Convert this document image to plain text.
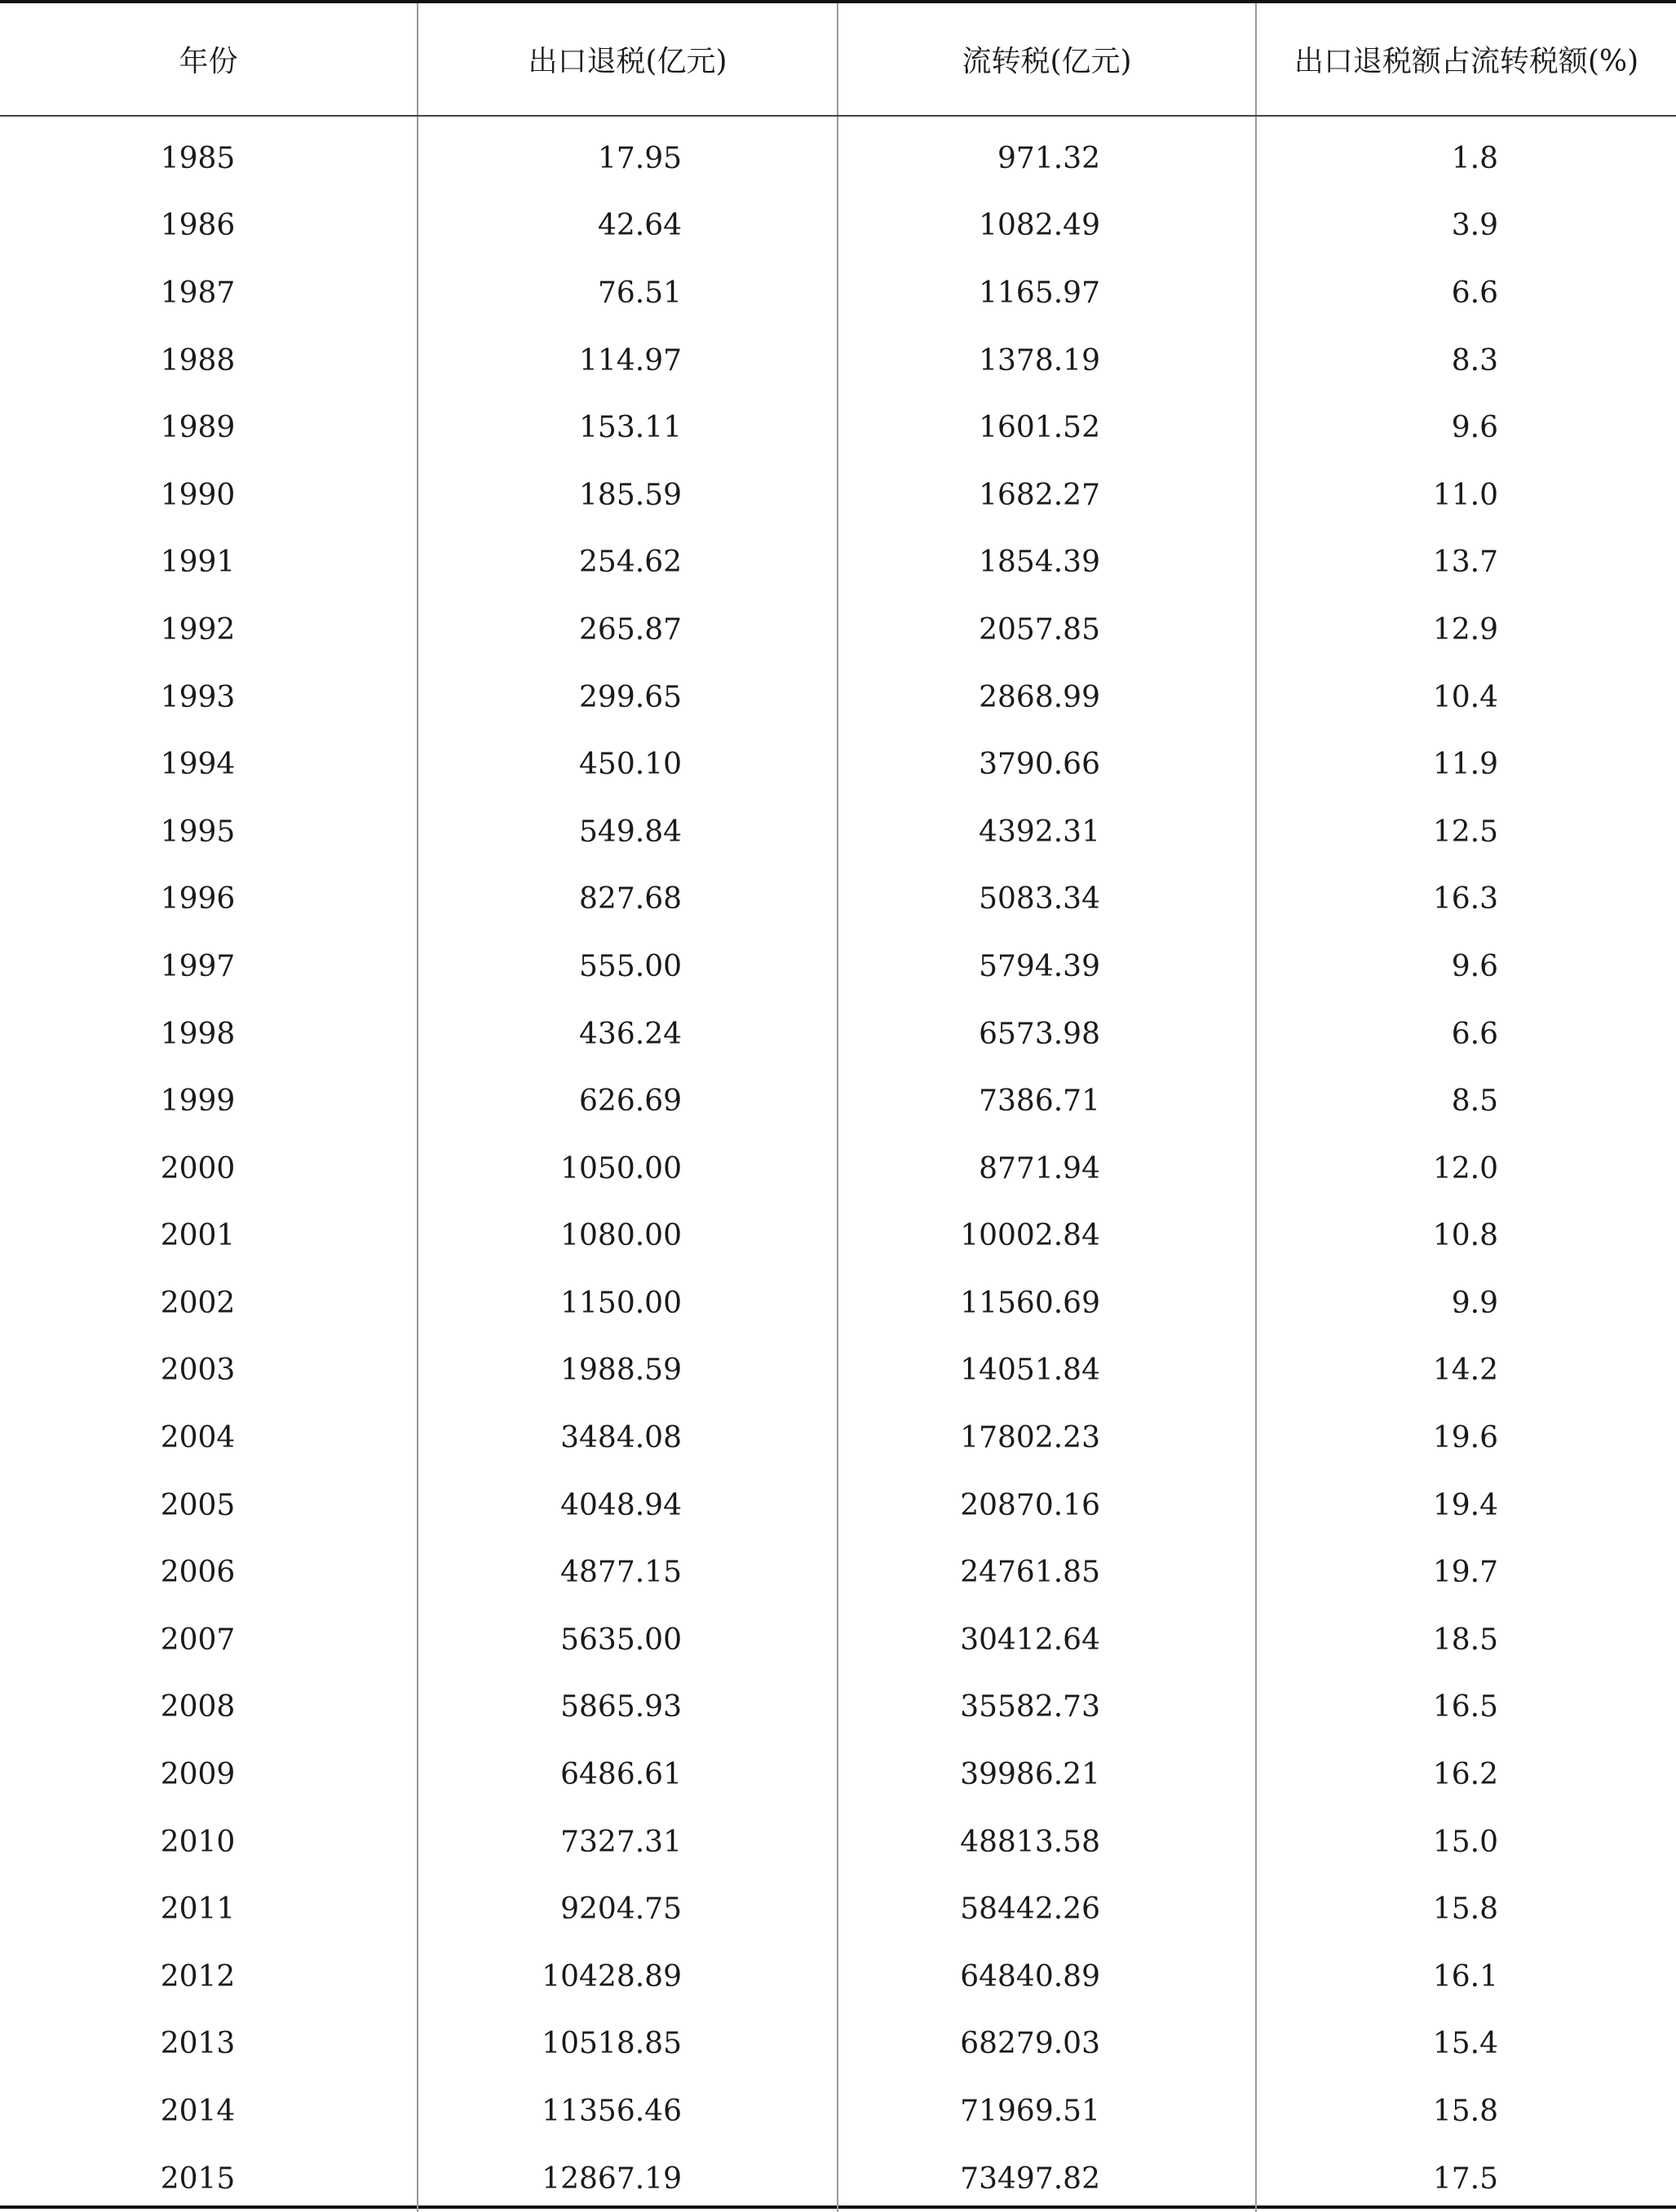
年份	出口退税(亿元)	流转税(亿元)	出口退税额占流转税额(%)
1985	17.95	971.32	1.8
1986	42.64	1082.49	3.9
1987	76.51	1165.97	6.6
1988	114.97	1378.19	8.3
1989	153.11	1601.52	9.6
1990	185.59	1682.27	11.0
1991	254.62	1854.39	13.7
1992	265.87	2057.85	12.9
1993	299.65	2868.99	10.4
1994	450.10	3790.66	11.9
1995	549.84	4392.31	12.5
1996	827.68	5083.34	16.3
1997	555.00	5794.39	9.6
1998	436.24	6573.98	6.6
1999	626.69	7386.71	8.5
2000	1050.00	8771.94	12.0
2001	1080.00	10002.84	10.8
2002	1150.00	11560.69	9.9
2003	1988.59	14051.84	14.2
2004	3484.08	17802.23	19.6
2005	4048.94	20870.16	19.4
2006	4877.15	24761.85	19.7
2007	5635.00	30412.64	18.5
2008	5865.93	35582.73	16.5
2009	6486.61	39986.21	16.2
2010	7327.31	48813.58	15.0
2011	9204.75	58442.26	15.8
2012	10428.89	64840.89	16.1
2013	10518.85	68279.03	15.4
2014	11356.46	71969.51	15.8
2015	12867.19	73497.82	17.5
